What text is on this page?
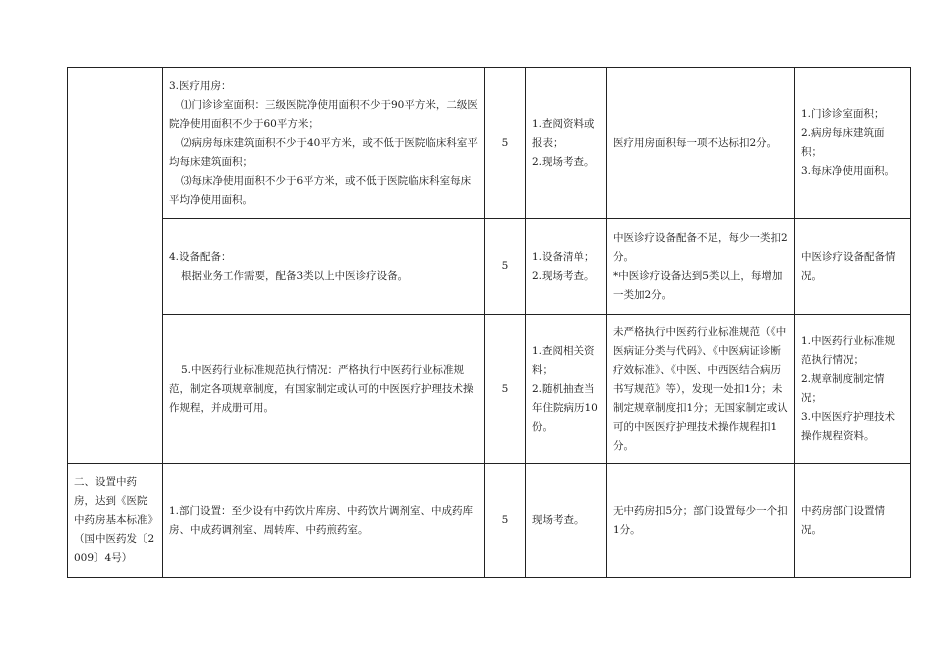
	3.医疗用房：
⑴门诊诊室面积：三级医院净使用面积不少于90平方米，二级医院净使用面积不少于60平方米；
⑵病房每床建筑面积不少于40平方米，或不低于医院临床科室平均每床建筑面积；
⑶每床净使用面积不少于6平方米，或不低于医院临床科室每床平均净使用面积。	5	1.查阅资料或报表；
2.现场考查。	医疗用房面积每一项不达标扣2分。	1.门诊诊室面积；
2.病房每床建筑面积；
3.每床净使用面积。

	4.设备配备：
根据业务工作需要，配备3类以上中医诊疗设备。	5	1.设备清单；
2.现场考查。	中医诊疗设备配备不足，每少一类扣2分。
*中医诊疗设备达到5类以上，每增加一类加2分。	中医诊疗设备配备情况。

	5.中医药行业标准规范执行情况：严格执行中医药行业标准规范，制定各项规章制度，有国家制定或认可的中医医疗护理技术操作规程，并成册可用。	5	1.查阅相关资料；
2.随机抽查当年住院病历10份。	未严格执行中医药行业标准规范（《中医病证分类与代码》、《中医病证诊断疗效标准》、《中医、中西医结合病历书写规范》等），发现一处扣1分；未制定规章制度扣1分；无国家制定或认可的中医医疗护理技术操作规程扣1分。	1.中医药行业标准规范执行情况；
2.规章制度制定情况；
3.中医医疗护理技术操作规程资料。

二、设置中药房，达到《医院中药房基本标准》（国中医药发〔2009〕4号）	1.部门设置：至少设有中药饮片库房、中药饮片调剂室、中成药库房、中成药调剂室、周转库、中药煎药室。	5	现场考查。	无中药房扣5分；部门设置每少一个扣1分。	中药房部门设置情况。
